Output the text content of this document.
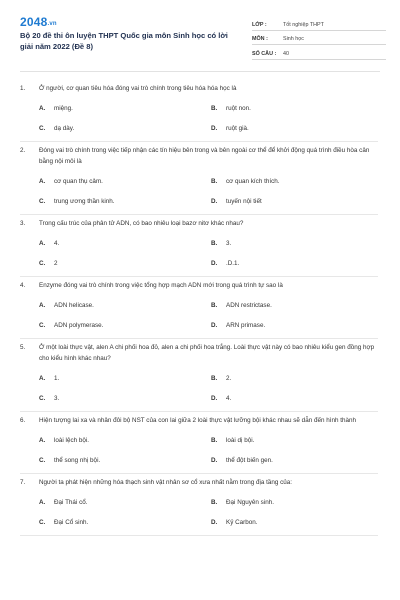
2048.vn
Bộ 20 đề thi ôn luyện THPT Quốc gia môn Sinh học có lời giải năm 2022 (Đề 8)
LỚP :	Tốt nghiệp THPT
MÔN :	Sinh học
SỐ CÂU :	40
1.	Ở người, cơ quan tiêu hóa đóng vai trò chính trong tiêu hóa hóa học là
A.	miệng.	B.	ruột non.
C.	dạ dày.	D.	ruột già.
2.	Đóng vai trò chính trong việc tiếp nhận các tín hiệu bên trong và bên ngoài cơ thể để khởi động quá trình điều hòa cân bằng nội môi là
A.	cơ quan thụ cảm.	B.	cơ quan kích thích.
C.	trung ương thần kinh.	D.	tuyến nội tiết
3.	Trong cấu trúc của phân tử ADN, có bao nhiêu loại bazơ nitơ khác nhau?
A.	4.	B.	3.
C.	2	D.	.D.1.
4.	Enzyme đóng vai trò chính trong việc tổng hợp mạch ADN mới trong quá trình tự sao là
A.	ADN helicase.	B.	ADN restrictase.
C.	ADN polymerase.	D.	ARN primase.
5.	Ở một loài thực vật, alen A chi phối hoa đỏ, alen a chi phối hoa trắng. Loài thực vật này có bao nhiêu kiểu gen đồng hợp cho kiểu hình khác nhau?
A.	1.	B.	2.
C.	3.	D.	4.
6.	Hiện tượng lai xa và nhân đôi bộ NST của con lai giữa 2 loài thực vật lưỡng bội khác nhau sẽ dẫn đến hình thành
A.	loài lệch bội.	B.	loài dị bội.
C.	thể song nhị bội.	D.	thể đột biến gen.
7.	Người ta phát hiện những hóa thạch sinh vật nhân sơ cổ xưa nhất nằm trong địa tầng của:
A.	Đại Thái cổ.	B.	Đại Nguyên sinh.
C.	Đại Cổ sinh.	D.	Kỷ Carbon.
